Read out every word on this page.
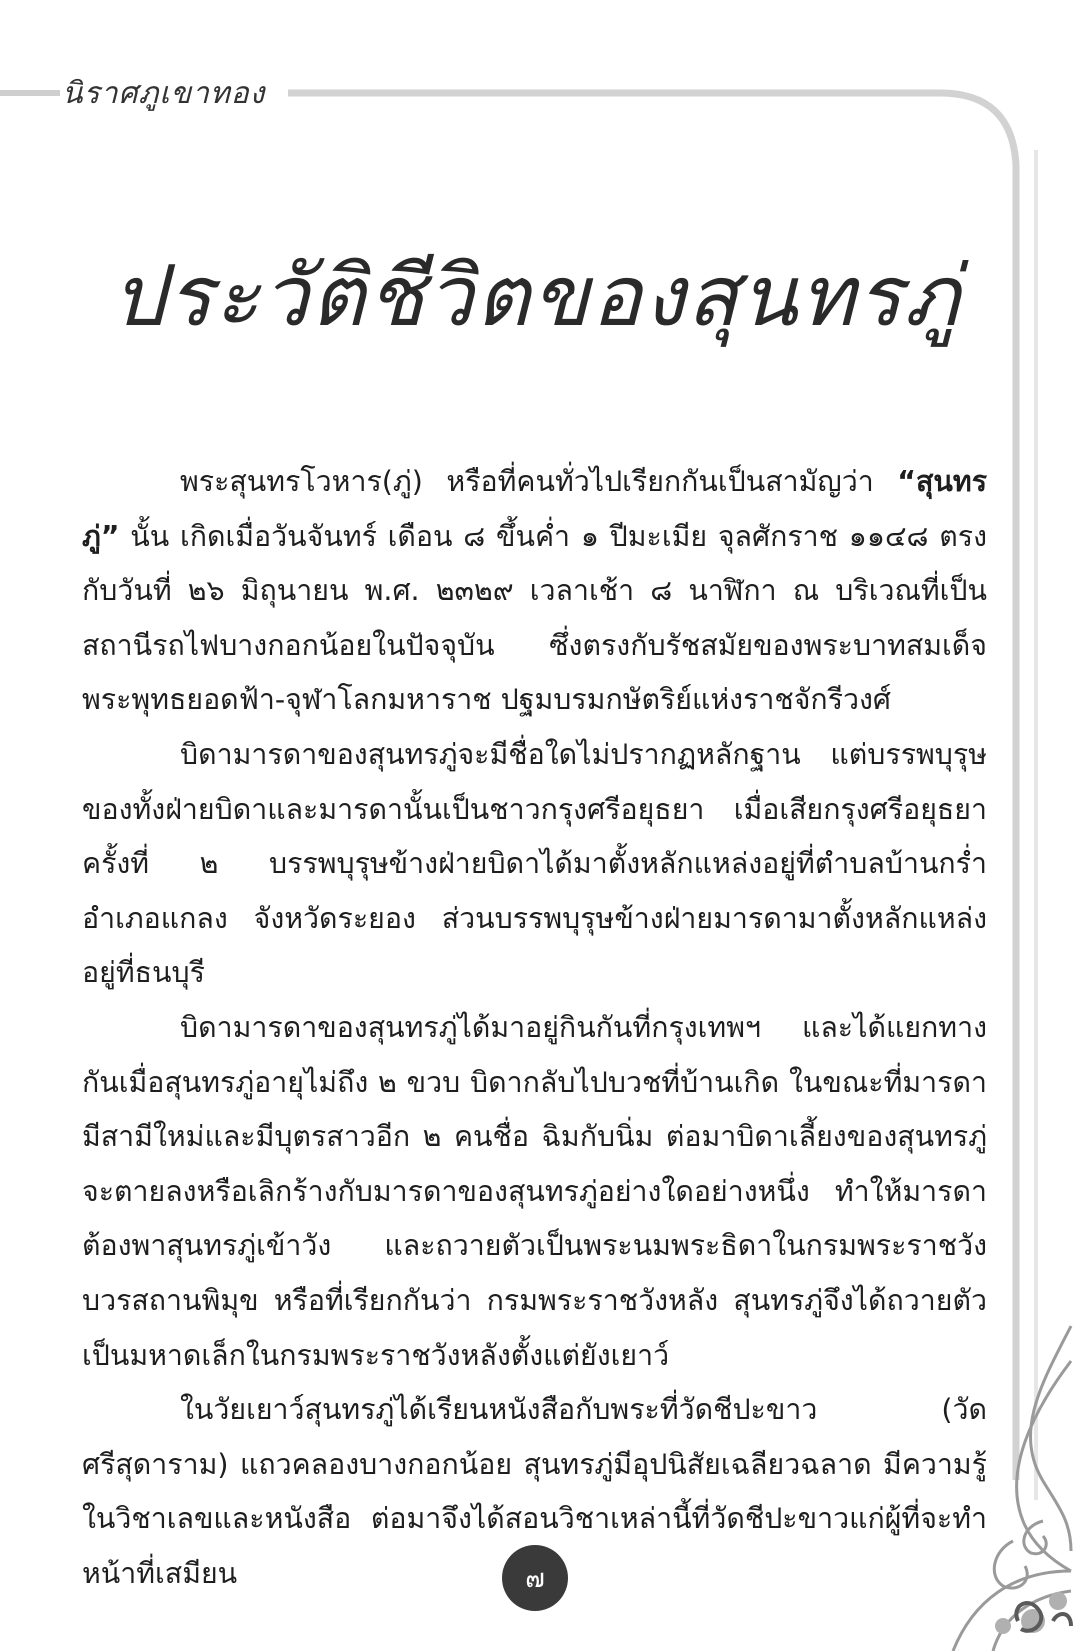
นิราศภูเขาทอง
ประวัติชีวิตของสุนทรภู่

พระสุนทรโวหาร(ภู่) หรือที่คนทั่วไปเรียกกันเป็นสามัญว่า “สุนทรภู่” นั้น เกิดเมื่อวันจันทร์ เดือน ๘ ขึ้นค่ำ ๑ ปีมะเมีย จุลศักราช ๑๑๔๘ ตรงกับวันที่ ๒๖ มิถุนายน พ.ศ. ๒๓๒๙ เวลาเช้า ๘ นาฬิกา ณ บริเวณที่เป็นสถานีรถไฟบางกอกน้อยในปัจจุบัน ซึ่งตรงกับรัชสมัยของพระบาทสมเด็จพระพุทธยอดฟ้า-จุฬาโลกมหาราช ปฐมบรมกษัตริย์แห่งราชจักรีวงศ์

บิดามารดาของสุนทรภู่จะมีชื่อใดไม่ปรากฏหลักฐาน แต่บรรพบุรุษของทั้งฝ่ายบิดาและมารดานั้นเป็นชาวกรุงศรีอยุธยา เมื่อเสียกรุงศรีอยุธยาครั้งที่ ๒ บรรพบุรุษข้างฝ่ายบิดาได้มาตั้งหลักแหล่งอยู่ที่ตำบลบ้านกร่ำ อำเภอแกลง จังหวัดระยอง ส่วนบรรพบุรุษข้างฝ่ายมารดามาตั้งหลักแหล่งอยู่ที่ธนบุรี

บิดามารดาของสุนทรภู่ได้มาอยู่กินกันที่กรุงเทพฯ และได้แยกทางกันเมื่อสุนทรภู่อายุไม่ถึง ๒ ขวบ บิดากลับไปบวชที่บ้านเกิด ในขณะที่มารดามีสามีใหม่และมีบุตรสาวอีก ๒ คนชื่อ ฉิมกับนิ่ม ต่อมาบิดาเลี้ยงของสุนทรภู่จะตายลงหรือเลิกร้างกับมารดาของสุนทรภู่อย่างใดอย่างหนึ่ง ทำให้มารดาต้องพาสุนทรภู่เข้าวัง และถวายตัวเป็นพระนมพระธิดาในกรมพระราชวังบวรสถานพิมุข หรือที่เรียกกันว่า กรมพระราชวังหลัง สุนทรภู่จึงได้ถวายตัวเป็นมหาดเล็กในกรมพระราชวังหลังตั้งแต่ยังเยาว์

ในวัยเยาว์สุนทรภู่ได้เรียนหนังสือกับพระที่วัดชีปะขาว (วัดศรีสุดาราม) แถวคลองบางกอกน้อย สุนทรภู่มีอุปนิสัยเฉลียวฉลาด มีความรู้ในวิชาเลขและหนังสือ ต่อมาจึงได้สอนวิชาเหล่านี้ที่วัดชีปะขาวแก่ผู้ที่จะทำหน้าที่เสมียน	๗
